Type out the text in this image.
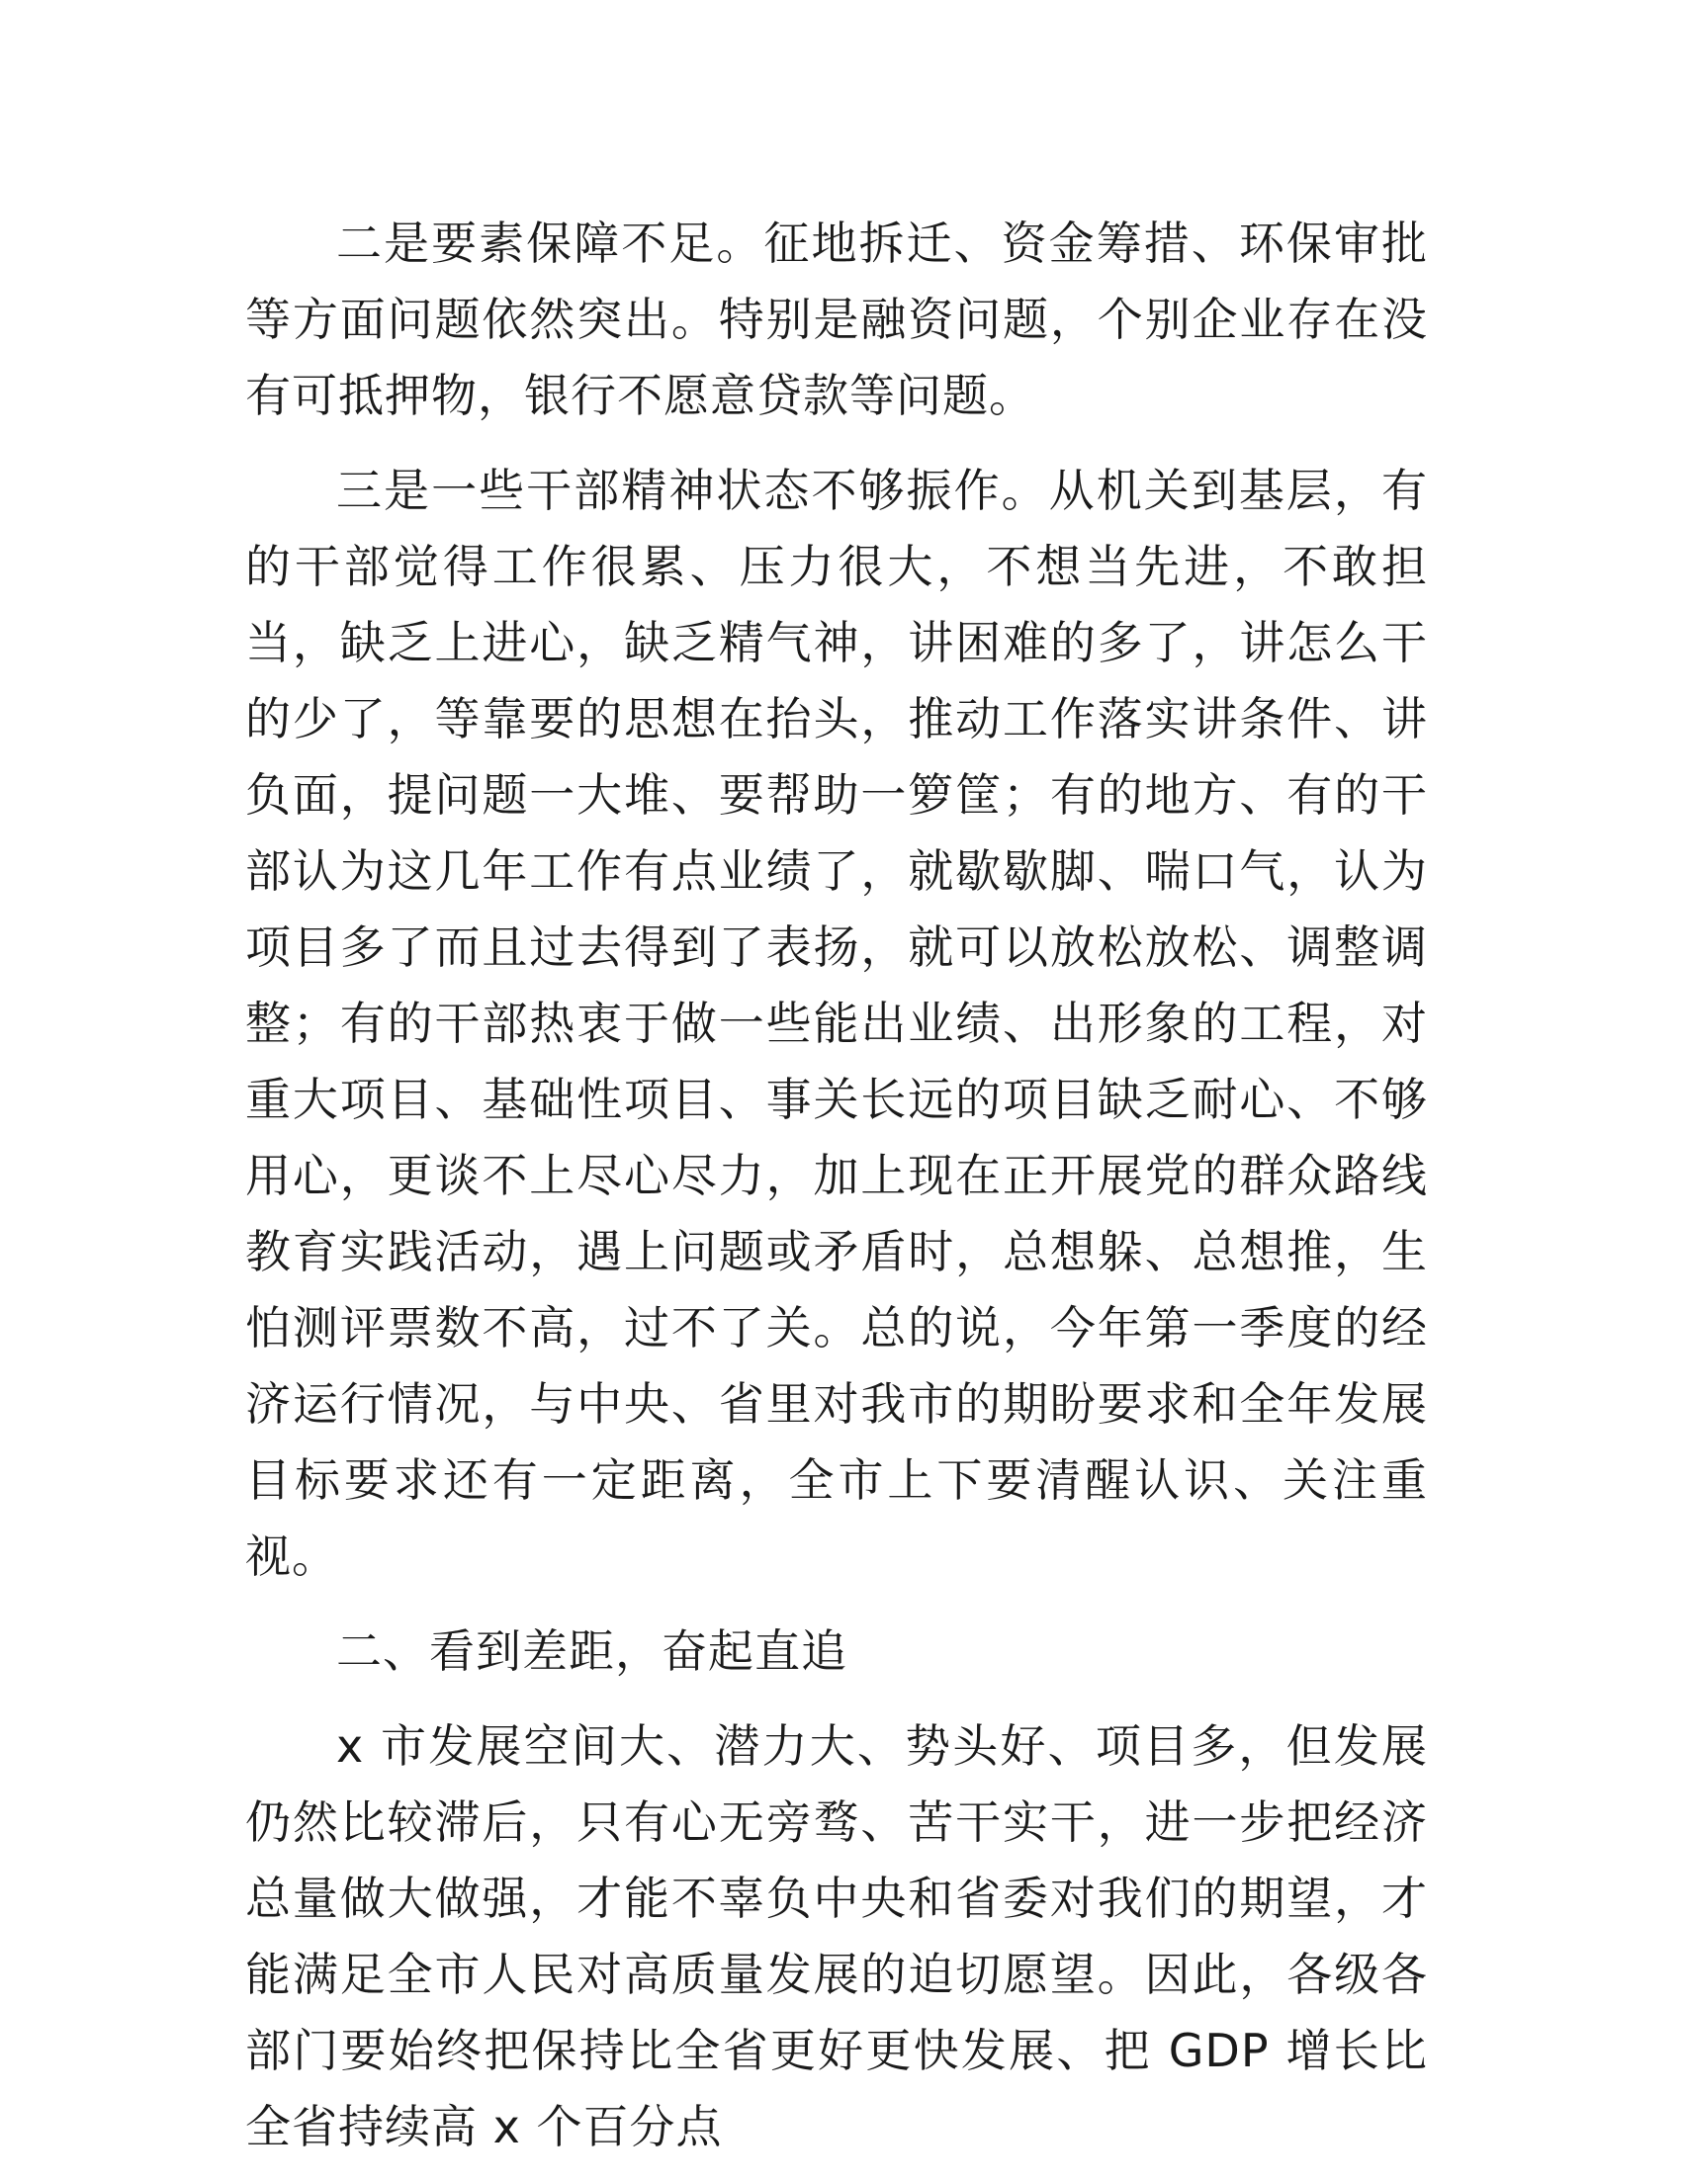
二是要素保障不足。征地拆迁、资金筹措、环保审批等方面问题依然突出。特别是融资问题，个别企业存在没有可抵押物，银行不愿意贷款等问题。

三是一些干部精神状态不够振作。从机关到基层，有的干部觉得工作很累、压力很大，不想当先进，不敢担当，缺乏上进心，缺乏精气神，讲困难的多了，讲怎么干的少了，等靠要的思想在抬头，推动工作落实讲条件、讲负面，提问题一大堆、要帮助一箩筐；有的地方、有的干部认为这几年工作有点业绩了，就歇歇脚、喘口气，认为项目多了而且过去得到了表扬，就可以放松放松、调整调整；有的干部热衷于做一些能出业绩、出形象的工程，对重大项目、基础性项目、事关长远的项目缺乏耐心、不够用心，更谈不上尽心尽力，加上现在正开展党的群众路线教育实践活动，遇上问题或矛盾时，总想躲、总想推，生怕测评票数不高，过不了关。总的说，今年第一季度的经济运行情况，与中央、省里对我市的期盼要求和全年发展目标要求还有一定距离，全市上下要清醒认识、关注重视。

二、看到差距，奋起直追

x 市发展空间大、潜力大、势头好、项目多，但发展仍然比较滞后，只有心无旁骛、苦干实干，进一步把经济总量做大做强，才能不辜负中央和省委对我们的期望，才能满足全市人民对高质量发展的迫切愿望。因此，各级各部门要始终把保持比全省更好更快发展、把 GDP 增长比全省持续高 x 个百分点
